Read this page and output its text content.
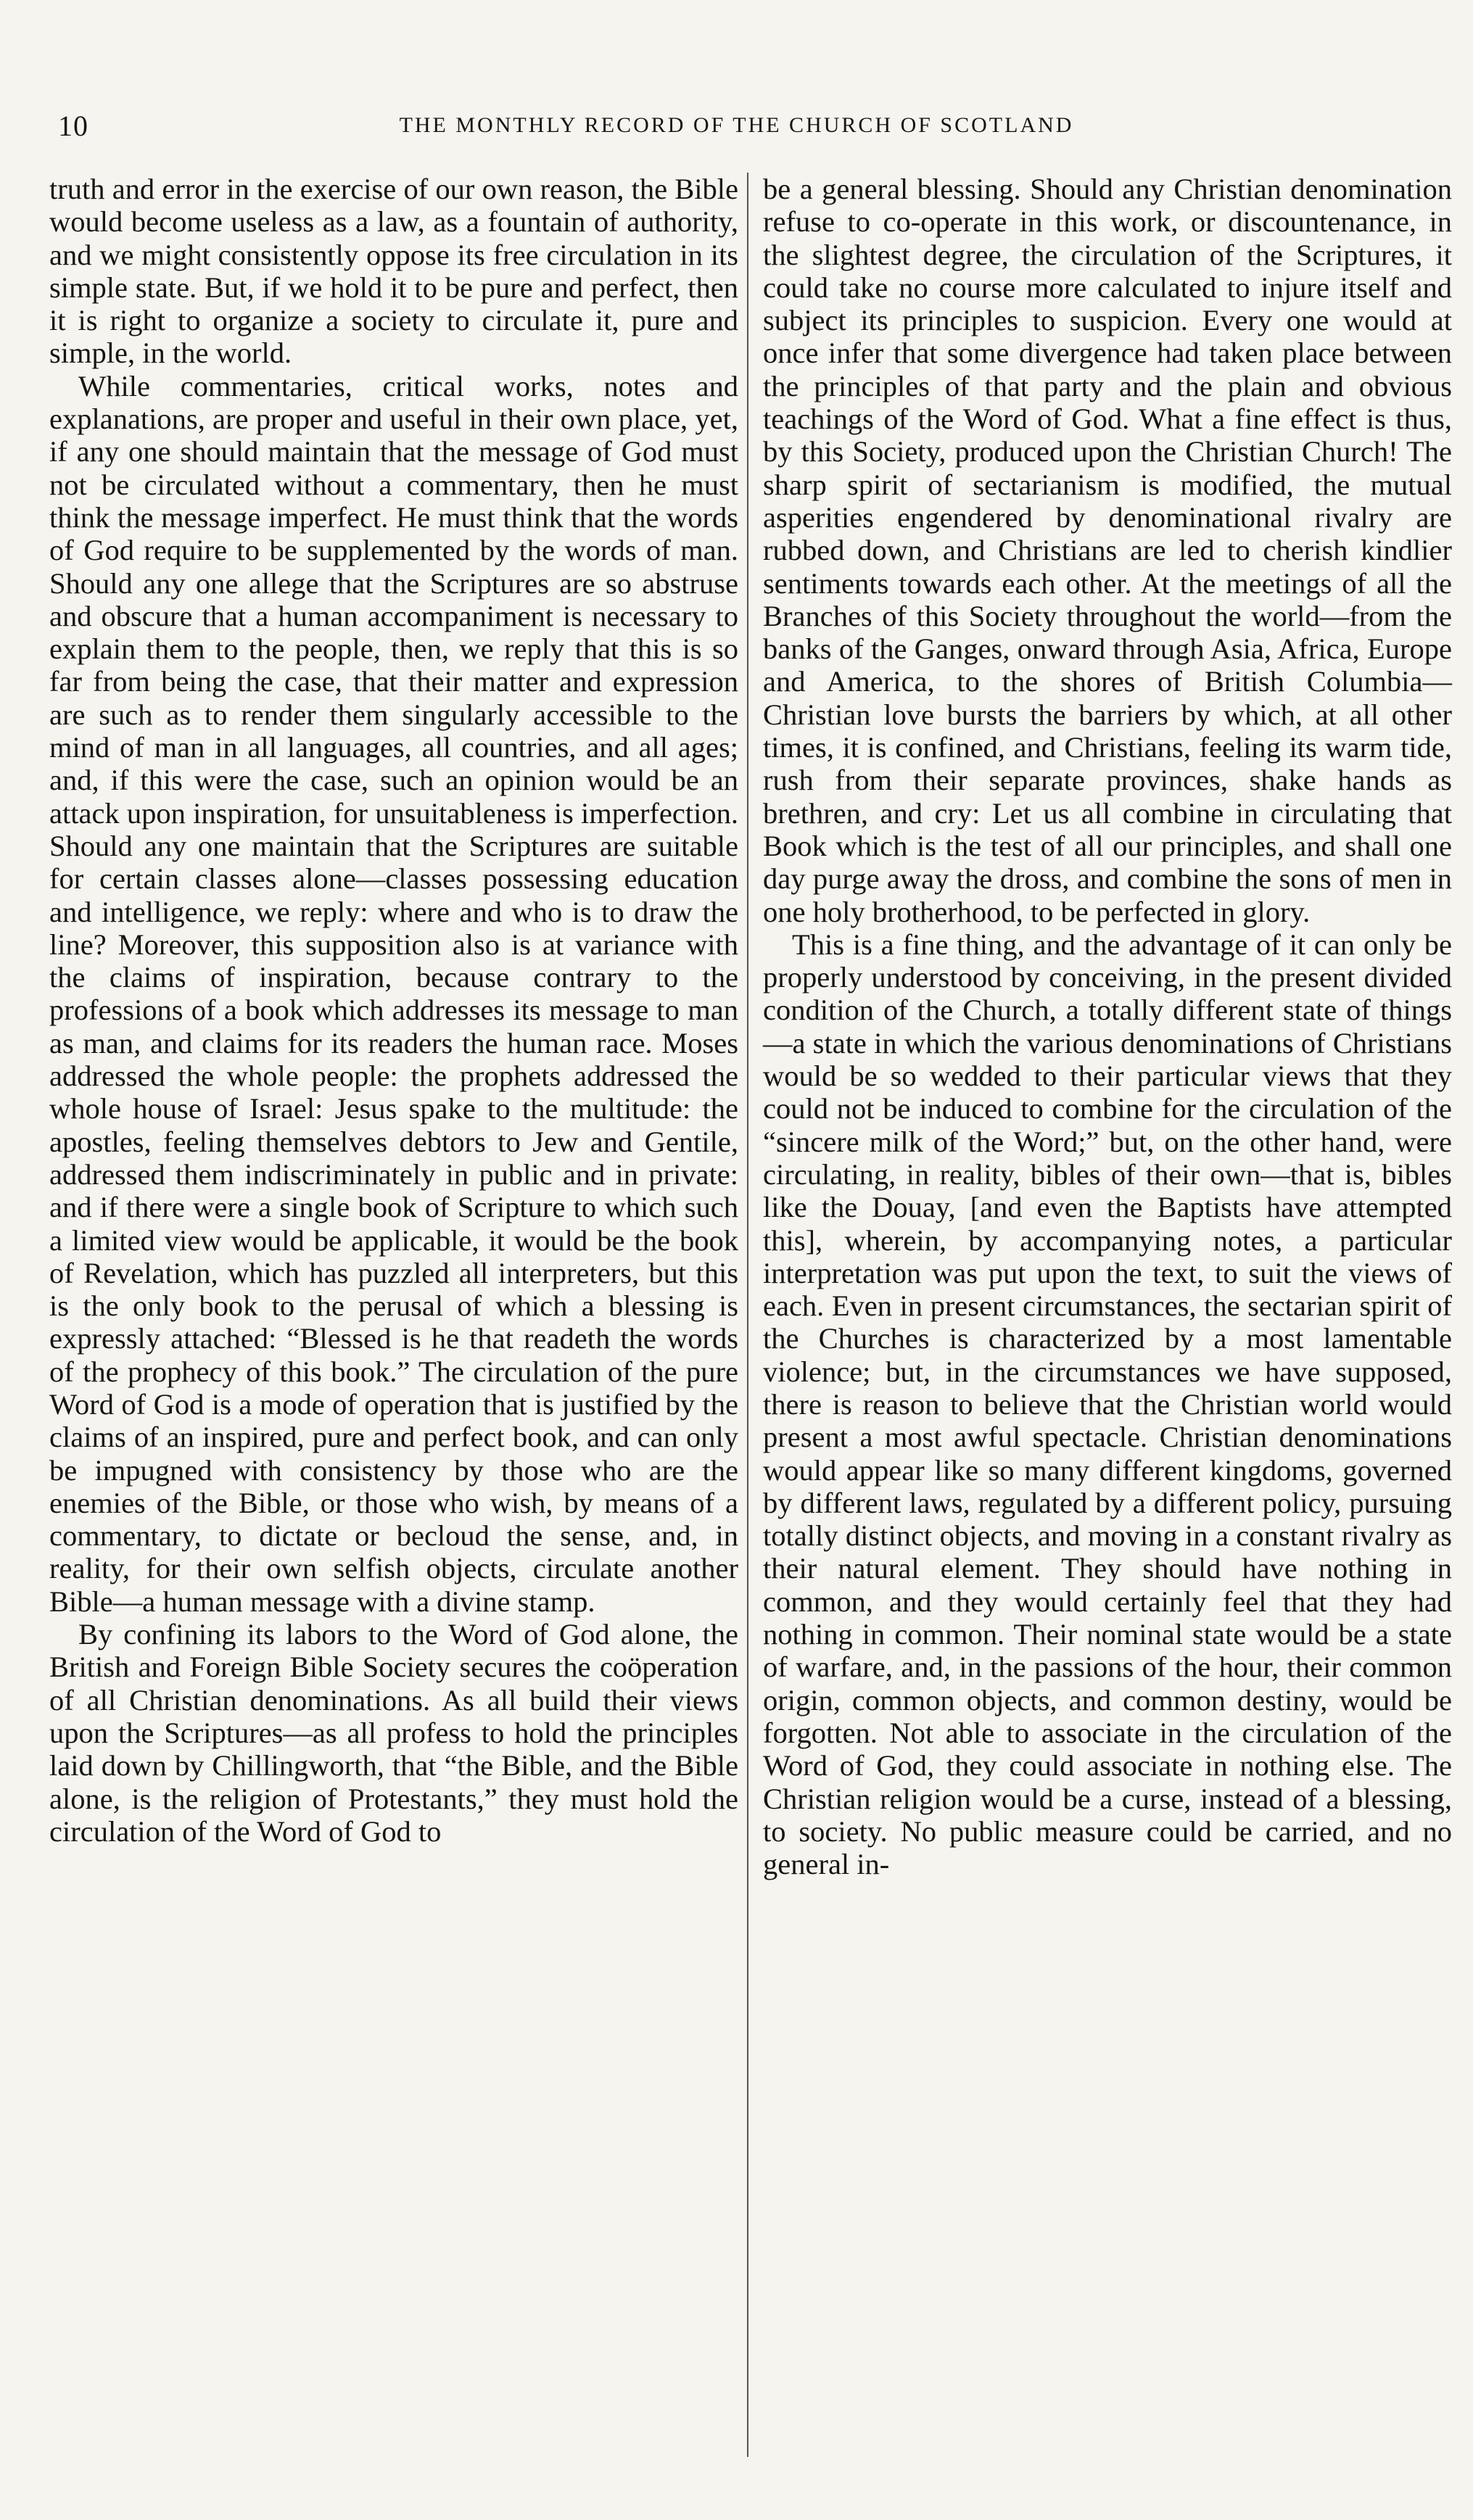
10	THE MONTHLY RECORD OF THE CHURCH OF SCOTLAND

truth and error in the exercise of our own reason, the Bible would become useless as a law, as a fountain of authority, and we might consistently oppose its free circulation in its simple state. But, if we hold it to be pure and perfect, then it is right to organize a society to circulate it, pure and simple, in the world.

While commentaries, critical works, notes and explanations, are proper and useful in their own place, yet, if any one should maintain that the message of God must not be circulated without a commentary, then he must think the message imperfect. He must think that the words of God require to be supplemented by the words of man. Should any one allege that the Scriptures are so abstruse and obscure that a human accompaniment is necessary to explain them to the people, then, we reply that this is so far from being the case, that their matter and expression are such as to render them singularly accessible to the mind of man in all languages, all countries, and all ages; and, if this were the case, such an opinion would be an attack upon inspiration, for unsuitableness is imperfection. Should any one maintain that the Scriptures are suitable for certain classes alone—classes possessing education and intelligence, we reply: where and who is to draw the line? Moreover, this supposition also is at variance with the claims of inspiration, because contrary to the professions of a book which addresses its message to man as man, and claims for its readers the human race. Moses addressed the whole people: the prophets addressed the whole house of Israel: Jesus spake to the multitude: the apostles, feeling themselves debtors to Jew and Gentile, addressed them indiscriminately in public and in private: and if there were a single book of Scripture to which such a limited view would be applicable, it would be the book of Revelation, which has puzzled all interpreters, but this is the only book to the perusal of which a blessing is expressly attached: “Blessed is he that readeth the words of the prophecy of this book.” The circulation of the pure Word of God is a mode of operation that is justified by the claims of an inspired, pure and perfect book, and can only be impugned with consistency by those who are the enemies of the Bible, or those who wish, by means of a commentary, to dictate or becloud the sense, and, in reality, for their own selfish objects, circulate another Bible—a human message with a divine stamp.

By confining its labors to the Word of God alone, the British and Foreign Bible Society secures the coöperation of all Christian denominations. As all build their views upon the Scriptures—as all profess to hold the principles laid down by Chillingworth, that “the Bible, and the Bible alone, is the religion of Protestants,” they must hold the circulation of the Word of God to

be a general blessing. Should any Christian denomination refuse to co-operate in this work, or discountenance, in the slightest degree, the circulation of the Scriptures, it could take no course more calculated to injure itself and subject its principles to suspicion. Every one would at once infer that some divergence had taken place between the principles of that party and the plain and obvious teachings of the Word of God. What a fine effect is thus, by this Society, produced upon the Christian Church! The sharp spirit of sectarianism is modified, the mutual asperities engendered by denominational rivalry are rubbed down, and Christians are led to cherish kindlier sentiments towards each other. At the meetings of all the Branches of this Society throughout the world—from the banks of the Ganges, onward through Asia, Africa, Europe and America, to the shores of British Columbia—Christian love bursts the barriers by which, at all other times, it is confined, and Christians, feeling its warm tide, rush from their separate provinces, shake hands as brethren, and cry: Let us all combine in circulating that Book which is the test of all our principles, and shall one day purge away the dross, and combine the sons of men in one holy brotherhood, to be perfected in glory.

This is a fine thing, and the advantage of it can only be properly understood by conceiving, in the present divided condition of the Church, a totally different state of things—a state in which the various denominations of Christians would be so wedded to their particular views that they could not be induced to combine for the circulation of the “sincere milk of the Word;” but, on the other hand, were circulating, in reality, bibles of their own—that is, bibles like the Douay, [and even the Baptists have attempted this], wherein, by accompanying notes, a particular interpretation was put upon the text, to suit the views of each. Even in present circumstances, the sectarian spirit of the Churches is characterized by a most lamentable violence; but, in the circumstances we have supposed, there is reason to believe that the Christian world would present a most awful spectacle. Christian denominations would appear like so many different kingdoms, governed by different laws, regulated by a different policy, pursuing totally distinct objects, and moving in a constant rivalry as their natural element. They should have nothing in common, and they would certainly feel that they had nothing in common. Their nominal state would be a state of warfare, and, in the passions of the hour, their common origin, common objects, and common destiny, would be forgotten. Not able to associate in the circulation of the Word of God, they could associate in nothing else. The Christian religion would be a curse, instead of a blessing, to society. No public measure could be carried, and no general in-
